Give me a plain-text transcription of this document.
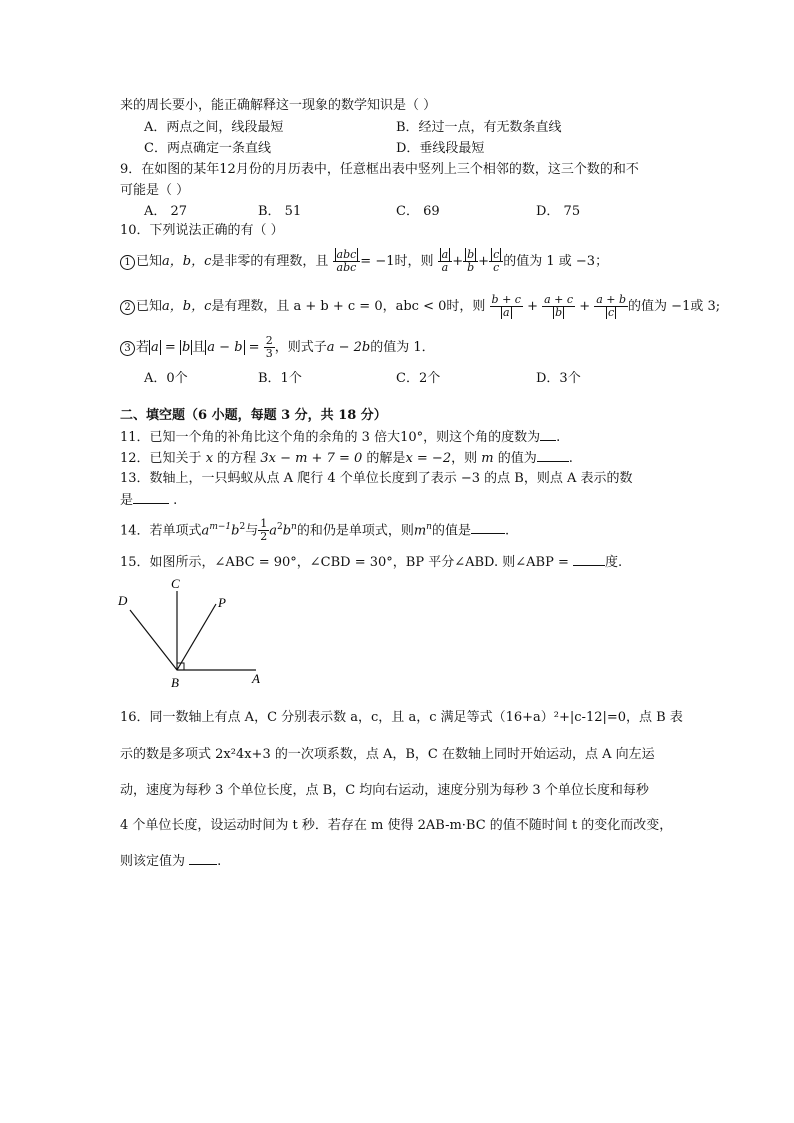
来的周长要小，能正确解释这一现象的数学知识是（ ）
A．两点之间，线段最短	B．经过一点，有无数条直线
C．两点确定一条直线	D．垂线段最短
9．在如图的某年12月份的月历表中，任意框出表中竖列上三个相邻的数，这三个数的和不
可能是（ ）
A． 27	B． 51	C． 69	D． 75
10．下列说法正确的有（ ）
1 已知a，b，c是非零的有理数，且 $\frac{\text{abc}}{\text{abc}} = -1$时，则 $\frac{a}{a} + \frac{b}{b} + \frac{c}{c}$ 的值为 1 或 −3；
2 已知a，b，c是有理数，且 a + b + c = 0，abc < 0时，则 $\frac{b + c}{a} + \frac{a + c}{b} + \frac{a + b}{c}$ 的值为 −1或 3;
3 若 a = b 且 $a - b = \frac{2}{3}$ ，则式子a − 2b的值为 1．
A．0个	B．1个	C．2个	D．3个
二、填空题（6 小题，每题 3 分，共 18 分）
11．已知一个角的补角比这个角的余角的 3 倍大10°，则这个角的度数为 .
12．已知关于 x 的方程 3x − m + 7 = 0 的解是x = −2，则 m 的值为 .
13．数轴上，一只蚂蚁从点 A 爬行 4 个单位长度到了表示 −3 的点 B，则点 A 表示的数
是	.
14．若单项式$a^{m-1}b^2$与 $\frac{1}{2} a^2b^n$的和仍是单项式，则$m^n$的值是	.
15．如图所示，∠ABC = 90°，∠CBD = 30°，BP 平分∠ABD. 则∠ABP =	度.
C
D	P
B	A
16．同一数轴上有点 A，C 分别表示数 a，c，且 a，c 满足等式（16+a）²+|c-12|=0，点 B 表
示的数是多项式 2x²4x+3 的一次项系数，点 A，B，C 在数轴上同时开始运动，点 A 向左运
动，速度为每秒 3 个单位长度，点 B，C 均向右运动，速度分别为每秒 3 个单位长度和每秒
4 个单位长度，设运动时间为 t 秒．若存在 m 使得 2AB-m·BC 的值不随时间 t 的变化而改变，
则该定值为 .
